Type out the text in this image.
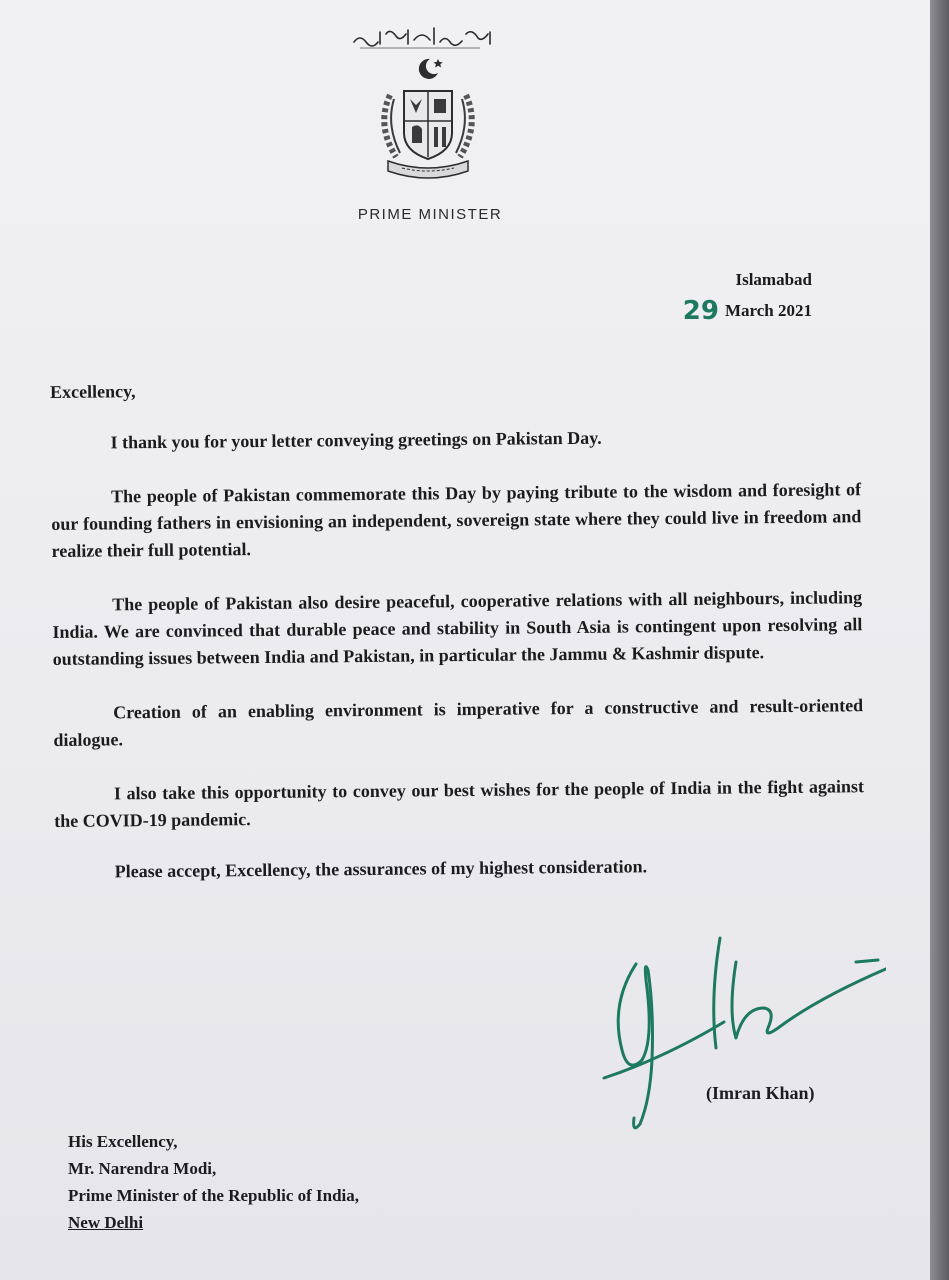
PRIME MINISTER
Islamabad
29 March 2021

Excellency,

I thank you for your letter conveying greetings on Pakistan Day.

The people of Pakistan commemorate this Day by paying tribute to the wisdom and foresight of our founding fathers in envisioning an independent, sovereign state where they could live in freedom and realize their full potential.

The people of Pakistan also desire peaceful, cooperative relations with all neighbours, including India. We are convinced that durable peace and stability in South Asia is contingent upon resolving all outstanding issues between India and Pakistan, in particular the Jammu & Kashmir dispute.

Creation of an enabling environment is imperative for a constructive and result-oriented dialogue.

I also take this opportunity to convey our best wishes for the people of India in the fight against the COVID-19 pandemic.

Please accept, Excellency, the assurances of my highest consideration.

(Imran Khan)
His Excellency,
Mr. Narendra Modi,
Prime Minister of the Republic of India,
New Delhi
